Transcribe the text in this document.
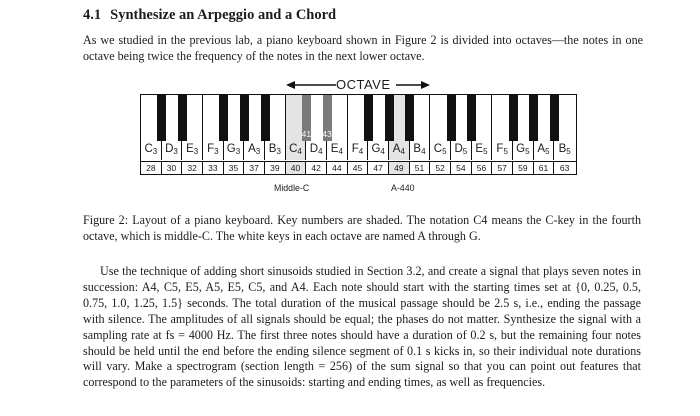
4.1 Synthesize an Arpeggio and a Chord
As we studied in the previous lab, a piano keyboard shown in Figure 2 is divided into octaves—the notes in one octave being twice the frequency of the notes in the next lower octave.
OCTAVE
$C_3$ $D_3$ $E_3$ $F_3$ $G_3$ $A_3$ $B_3$ $C_4$ $D_4$ $E_4$ $F_4$ $G_4$ $A_4$ $B_4$ $C_5$ $D_5$ $E_5$ $F_5$ $G_5$ $A_5$ $B_5$
41 43
28	30	32	33	35	37	39	40	42	44	45	47	49	51	52	54	56	57	59	61	63
Middle-C	A-440
Figure 2: Layout of a piano keyboard. Key numbers are shaded. The notation C4 means the C-key in the fourth octave, which is middle-C. The white keys in each octave are named A through G.
Use the technique of adding short sinusoids studied in Section 3.2, and create a signal that plays seven notes in succession: A4, C5, E5, A5, E5, C5, and A4. Each note should start with the starting times set at {0, 0.25, 0.5, 0.75, 1.0, 1.25, 1.5} seconds. The total duration of the musical passage should be 2.5 s, i.e., ending the passage with silence. The amplitudes of all signals should be equal; the phases do not matter. Synthesize the signal with a sampling rate at fs = 4000 Hz. The first three notes should have a duration of 0.2 s, but the remaining four notes should be held until the end before the ending silence segment of 0.1 s kicks in, so their individual note durations will vary. Make a spectrogram (section length = 256) of the sum signal so that you can point out features that correspond to the parameters of the sinusoids: starting and ending times, as well as frequencies.
